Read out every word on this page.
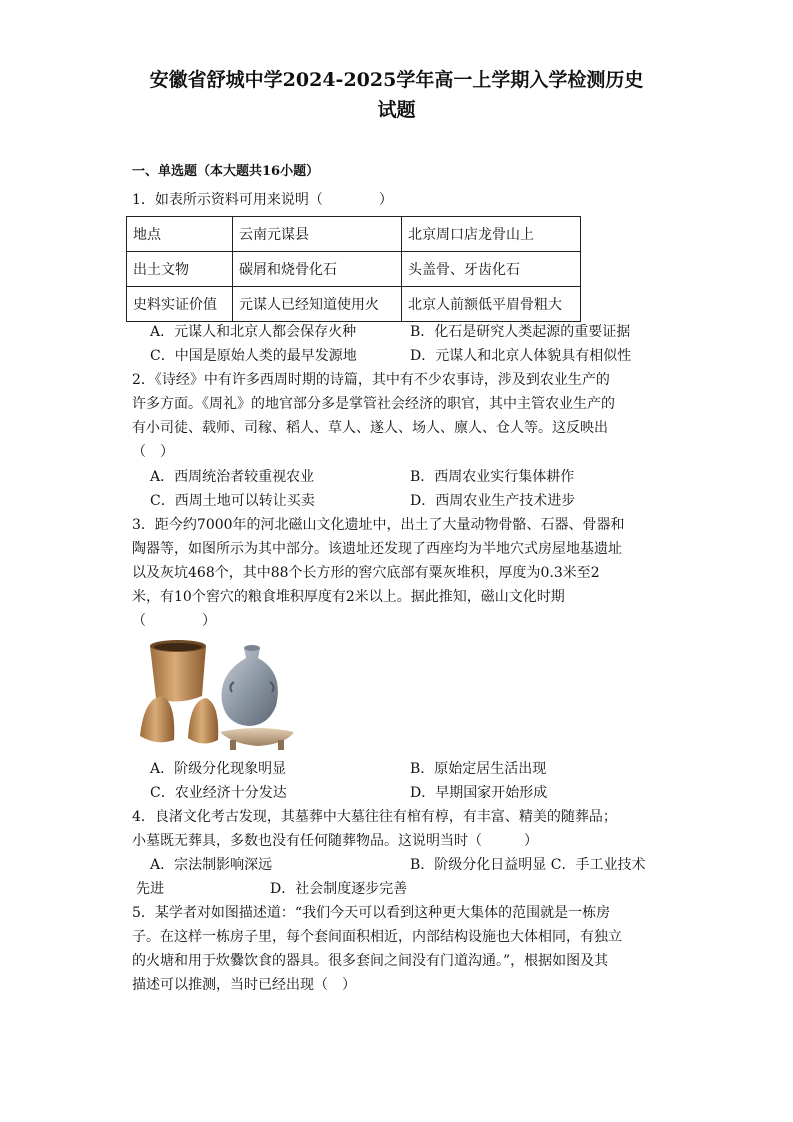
安徽省舒城中学2024-2025学年高一上学期入学检测历史
试题
一、单选题（本大题共16小题）
1．如表所示资料可用来说明（　　　　）
地点	云南元谋县	北京周口店龙骨山上
出土文物	碳屑和烧骨化石	头盖骨、牙齿化石
史料实证价值	元谋人已经知道使用火	北京人前额低平眉骨粗大
A．元谋人和北京人都会保存火种	B．化石是研究人类起源的重要证据
C．中国是原始人类的最早发源地	D．元谋人和北京人体貌具有相似性
2．《诗经》中有许多西周时期的诗篇，其中有不少农事诗，涉及到农业生产的
许多方面。《周礼》的地官部分多是掌管社会经济的职官，其中主管农业生产的
有小司徒、载师、司稼、稻人、草人、遂人、场人、廪人、仓人等。这反映出
（　）
A．西周统治者较重视农业	B．西周农业实行集体耕作
C．西周土地可以转让买卖	D．西周农业生产技术进步
3．距今约7000年的河北磁山文化遗址中，出土了大量动物骨骼、石器、骨器和
陶器等，如图所示为其中部分。该遗址还发现了西座均为半地穴式房屋地基遗址
以及灰坑468个，其中88个长方形的窖穴底部有粟灰堆积，厚度为0.3米至2
米，有10个窖穴的粮食堆积厚度有2米以上。据此推知，磁山文化时期
（　　　　）
A．阶级分化现象明显	B．原始定居生活出现
C．农业经济十分发达	D．早期国家开始形成
4．良渚文化考古发现，其墓葬中大墓往往有棺有椁，有丰富、精美的随葬品；
小墓既无葬具，多数也没有任何随葬物品。这说明当时（　　　）
A．宗法制影响深远	B．阶级分化日益明显 C．手工业技术
先进	D．社会制度逐步完善
5．某学者对如图描述道：“我们今天可以看到这种更大集体的范围就是一栋房
子。在这样一栋房子里，每个套间面积相近，内部结构设施也大体相同，有独立
的火塘和用于炊爨饮食的器具。很多套间之间没有门道沟通。”，根据如图及其
描述可以推测，当时已经出现（　）
